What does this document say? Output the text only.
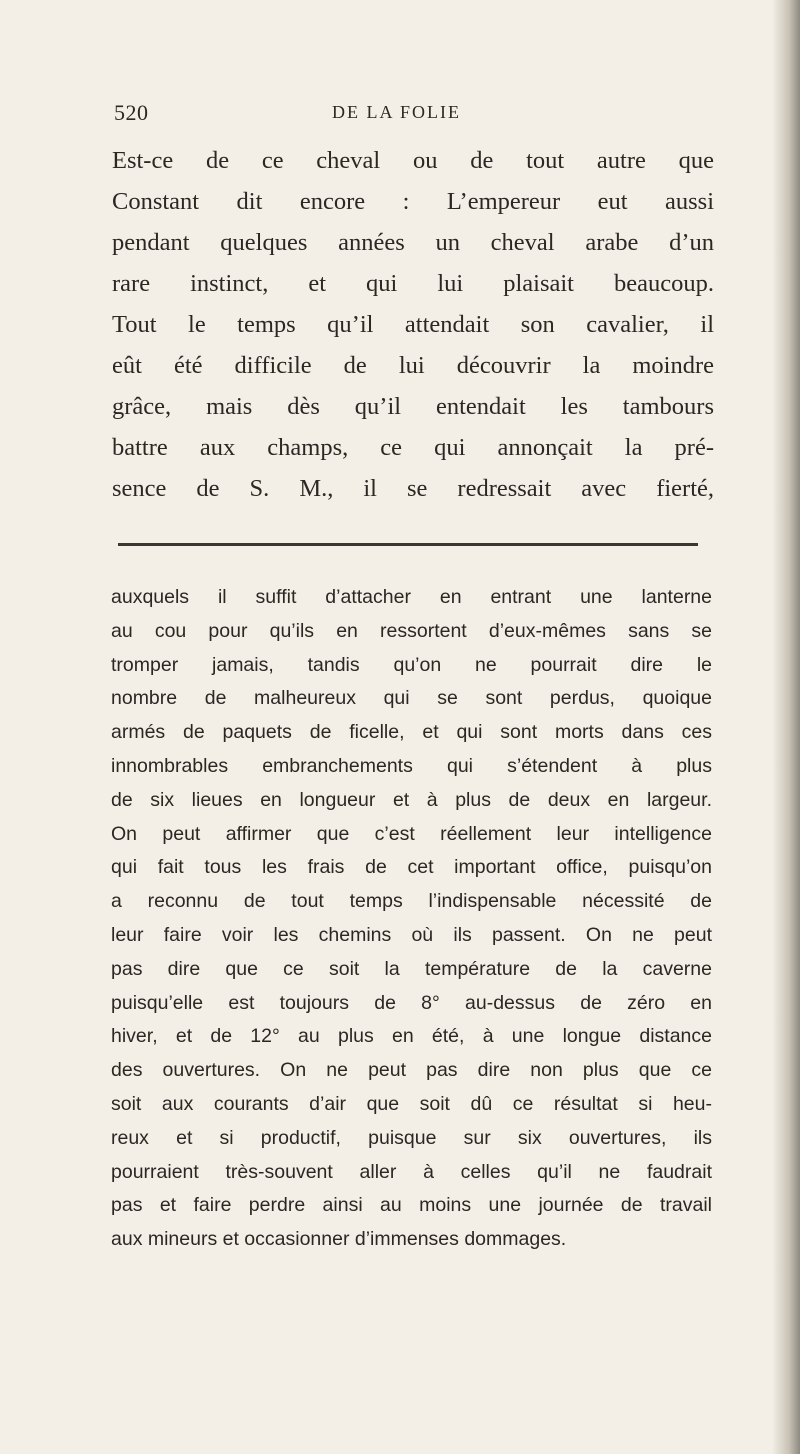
520	DE LA FOLIE
Est-ce de ce cheval ou de tout autre que
Constant dit encore : L’empereur eut aussi
pendant quelques années un cheval arabe d’un
rare instinct, et qui lui plaisait beaucoup.
Tout le temps qu’il attendait son cavalier, il
eût été difficile de lui découvrir la moindre
grâce, mais dès qu’il entendait les tambours
battre aux champs, ce qui annonçait la pré-
sence de S. M., il se redressait avec fierté,
auxquels il suffit d’attacher en entrant une lanterne
au cou pour qu’ils en ressortent d’eux-mêmes sans se
tromper jamais, tandis qu’on ne pourrait dire le
nombre de malheureux qui se sont perdus, quoique
armés de paquets de ficelle, et qui sont morts dans ces
innombrables embranchements qui s’étendent à plus
de six lieues en longueur et à plus de deux en largeur.
On peut affirmer que c’est réellement leur intelligence
qui fait tous les frais de cet important office, puisqu’on
a reconnu de tout temps l’indispensable nécessité de
leur faire voir les chemins où ils passent. On ne peut
pas dire que ce soit la température de la caverne
puisqu’elle est toujours de 8° au-dessus de zéro en
hiver, et de 12° au plus en été, à une longue distance
des ouvertures. On ne peut pas dire non plus que ce
soit aux courants d’air que soit dû ce résultat si heu-
reux et si productif, puisque sur six ouvertures, ils
pourraient très-souvent aller à celles qu’il ne faudrait
pas et faire perdre ainsi au moins une journée de travail
aux mineurs et occasionner d’immenses dommages.
